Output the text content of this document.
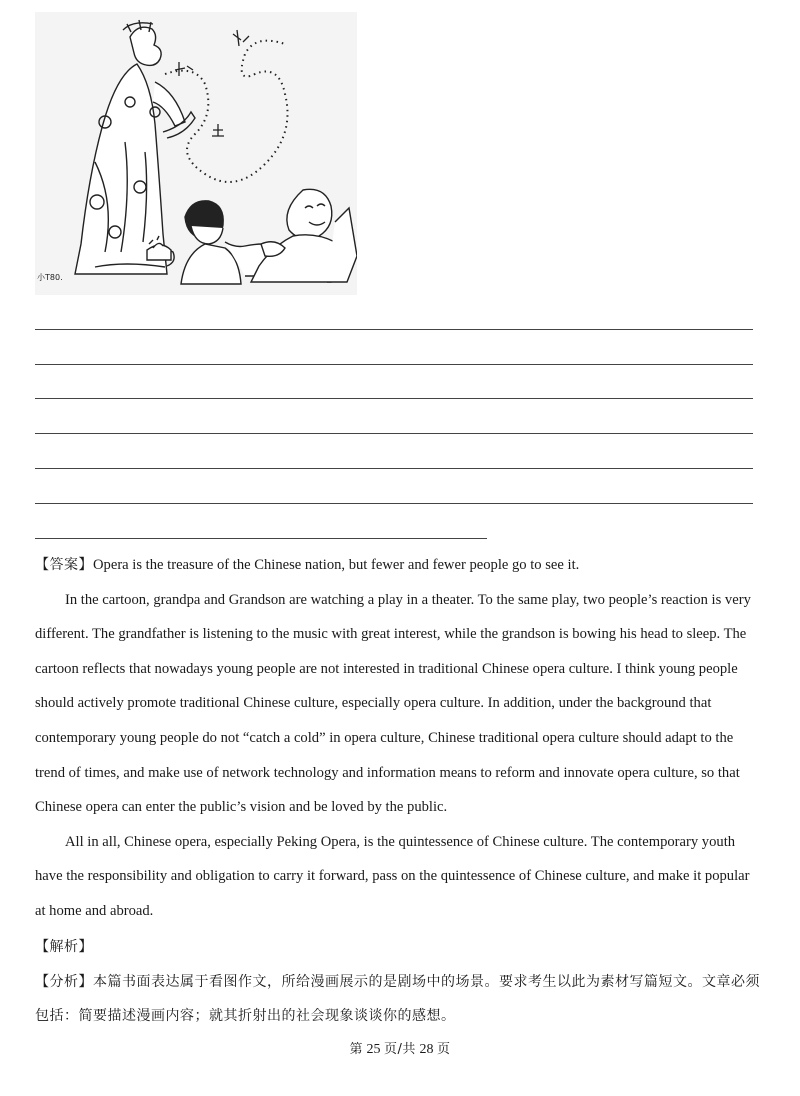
小T80.

【答案】Opera is the treasure of the Chinese nation, but fewer and fewer people go to see it.

In the cartoon, grandpa and Grandson are watching a play in a theater. To the same play, two people’s reaction is very different. The grandfather is listening to the music with great interest, while the grandson is bowing his head to sleep. The cartoon reflects that nowadays young people are not interested in traditional Chinese opera culture. I think young people should actively promote traditional Chinese culture, especially opera culture. In addition, under the background that contemporary young people do not “catch a cold” in opera culture, Chinese traditional opera culture should adapt to the trend of times, and make use of network technology and information means to reform and innovate opera culture, so that Chinese opera can enter the public’s vision and be loved by the public.

All in all, Chinese opera, especially Peking Opera, is the quintessence of Chinese culture. The contemporary youth have the responsibility and obligation to carry it forward, pass on the quintessence of Chinese culture, and make it popular at home and abroad.

【解析】

【分析】本篇书面表达属于看图作文，所给漫画展示的是剧场中的场景。要求考生以此为素材写篇短文。文章必须包括：简要描述漫画内容；就其折射出的社会现象谈谈你的感想。

第 25 页/共 28 页
